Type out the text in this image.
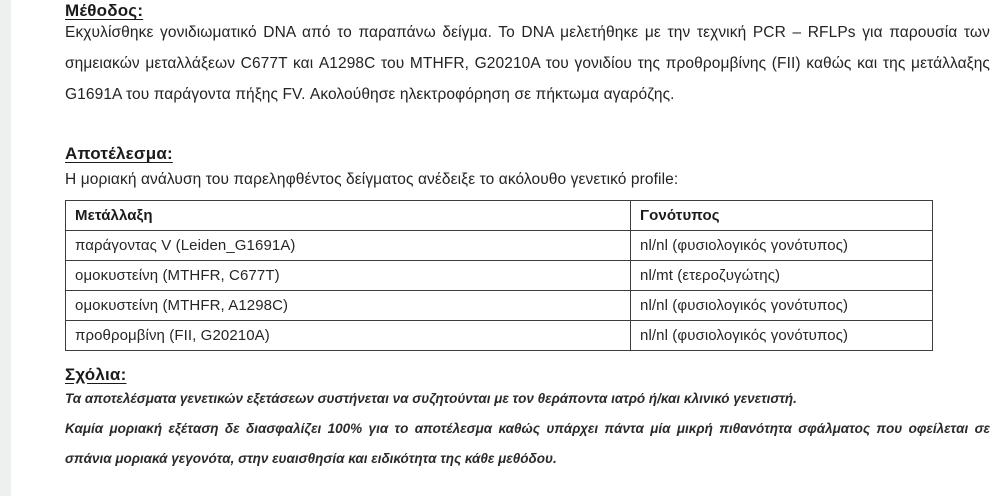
Μέθοδος:

Εκχυλίσθηκε γονιδιωματικό DNA από το παραπάνω δείγμα. Το DNA μελετήθηκε με την τεχνική PCR – RFLPs για παρουσία των σημειακών μεταλλάξεων C677T και A1298C του MTHFR, G20210A του γονιδίου της προθρομβίνης (FII) καθώς και της μετάλλαξης G1691A του παράγοντα πήξης FV. Ακολούθησε ηλεκτροφόρηση σε πήκτωμα αγαρόζης.

Αποτέλεσμα:

Η μοριακή ανάλυση του παρεληφθέντος δείγματος ανέδειξε το ακόλουθο γενετικό profile:

Μετάλλαξη	Γονότυπος
παράγοντας V (Leiden_G1691A)	nl/nl (φυσιολογικός γονότυπος)
ομοκυστείνη (MTHFR, C677T)	nl/mt (ετεροζυγώτης)
ομοκυστείνη (MTHFR, A1298C)	nl/nl (φυσιολογικός γονότυπος)
προθρομβίνη (FII, G20210A)	nl/nl (φυσιολογικός γονότυπος)
Σχόλια:

Τα αποτελέσματα γενετικών εξετάσεων συστήνεται να συζητούνται με τον θεράποντα ιατρό ή/και κλινικό γενετιστή.

Καμία μοριακή εξέταση δε διασφαλίζει 100% για το αποτέλεσμα καθώς υπάρχει πάντα μία μικρή πιθανότητα σφάλματος που οφείλεται σε σπάνια μοριακά γεγονότα, στην ευαισθησία και ειδικότητα της κάθε μεθόδου.
